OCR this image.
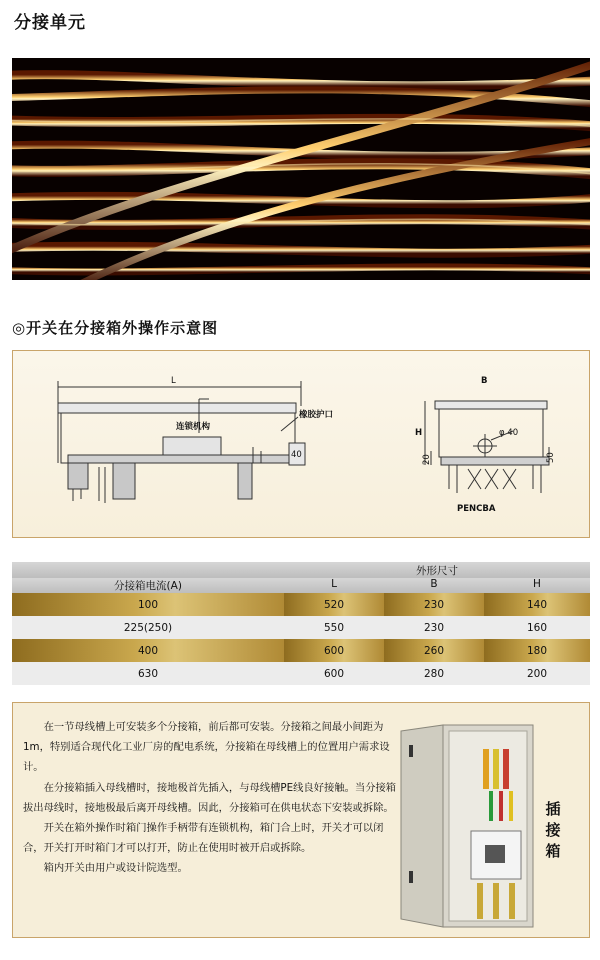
分接单元
◎开关在分接箱外操作示意图
L
连锁机构
橡胶护口
40
B
H	φ 40
20	50
PENCBA
	外形尺寸		
分接箱电流(A)	L	B	H
100	520	230	140
225(250)	550	230	160
400	600	260	180
630	600	280	200

在一节母线槽上可安装多个分接箱，前后都可安装。分接箱之间最小间距为1m，特别适合现代化工业厂房的配电系统，分接箱在母线槽上的位置用户需求设计。

在分接箱插入母线槽时，接地极首先插入，与母线槽PE线良好接触。当分接箱拔出母线时，接地极最后离开母线槽。因此，分接箱可在供电状态下安装或拆除。

开关在箱外操作时箱门操作手柄带有连锁机构，箱门合上时，开关才可以闭合，开关打开时箱门才可以打开，防止在使用时被开启或拆除。

箱内开关由用户或设计院选型。

插
接
箱
